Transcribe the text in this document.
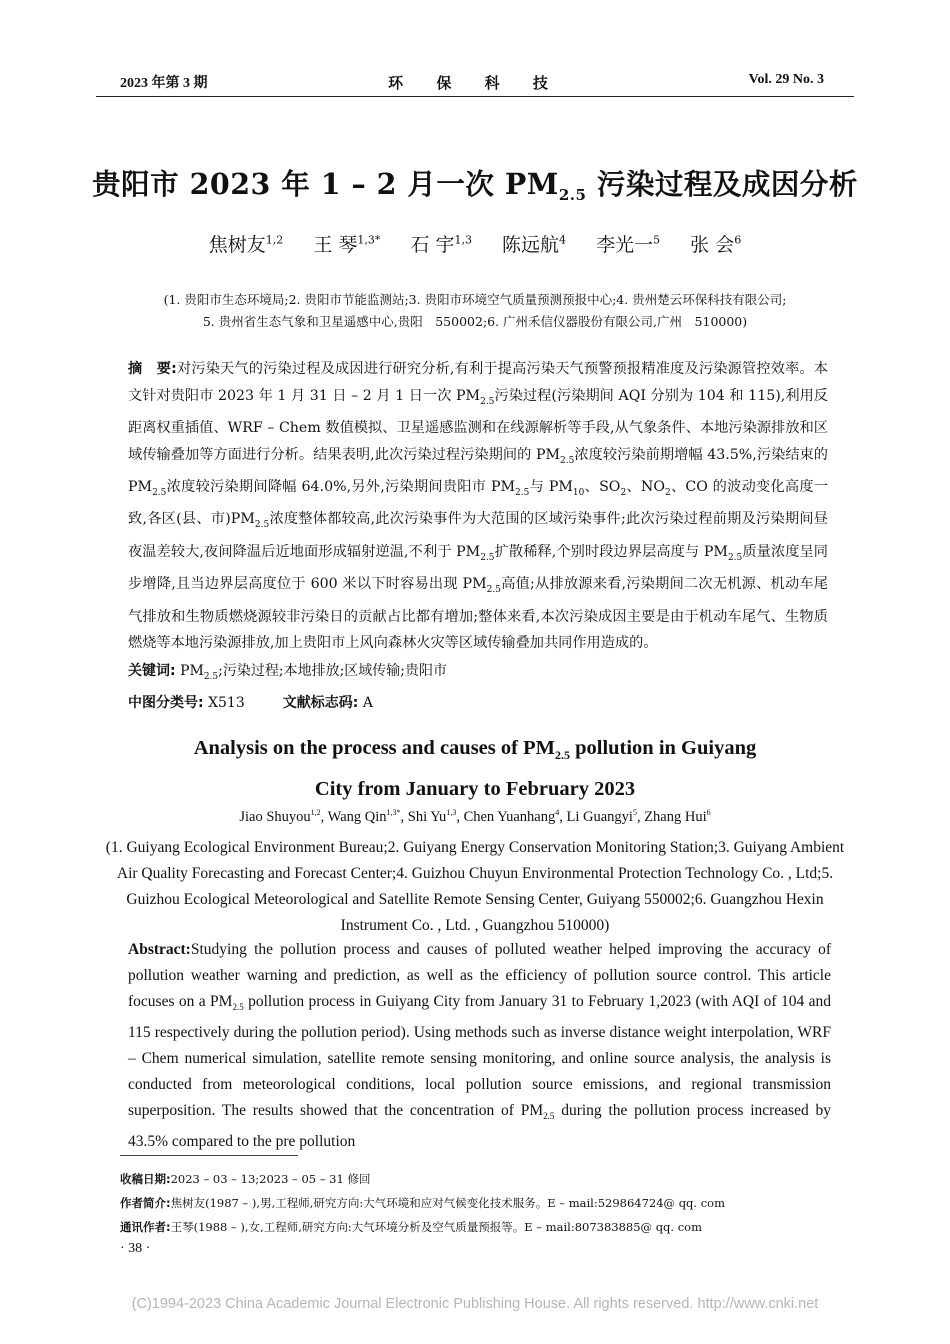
2023 年第 3 期	环 保 科 技	Vol. 29 No. 3
贵阳市 2023 年 1 – 2 月一次 $PM_{2.5}$ 污染过程及成因分析
焦树友$^{1,2}$ 王 琴$^{1,3*}$ 石 宇$^{1,3}$ 陈远航$^4$ 李光一$^5$ 张 会$^6$
(1. 贵阳市生态环境局;2. 贵阳市节能监测站;3. 贵阳市环境空气质量预测预报中心;4. 贵州楚云环保科技有限公司;
5. 贵州省生态气象和卫星遥感中心,贵阳　550002;6. 广州禾信仪器股份有限公司,广州　510000)
摘　要:对污染天气的污染过程及成因进行研究分析,有利于提高污染天气预警预报精准度及污染源管控效率。本文针对贵阳市 2023 年 1 月 31 日 – 2 月 1 日一次 $PM_{2.5}$污染过程(污染期间 AQI 分别为 104 和 115),利用反距离权重插值、WRF – Chem 数值模拟、卫星遥感监测和在线源解析等手段,从气象条件、本地污染源排放和区域传输叠加等方面进行分析。结果表明,此次污染过程污染期间的 $PM_{2.5}$浓度较污染前期增幅 43.5%,污染结束的 $PM_{2.5}$浓度较污染期间降幅 64.0%,另外,污染期间贵阳市 $PM_{2.5}$与 $PM_{10}$、$SO_2$、$NO_2$、CO 的波动变化高度一致,各区(县、市)$PM_{2.5}$浓度整体都较高,此次污染事件为大范围的区域污染事件;此次污染过程前期及污染期间昼夜温差较大,夜间降温后近地面形成辐射逆温,不利于 $PM_{2.5}$扩散稀释,个别时段边界层高度与 $PM_{2.5}$质量浓度呈同步增降,且当边界层高度位于 600 米以下时容易出现 $PM_{2.5}$高值;从排放源来看,污染期间二次无机源、机动车尾气排放和生物质燃烧源较非污染日的贡献占比都有增加;整体来看,本次污染成因主要是由于机动车尾气、生物质燃烧等本地污染源排放,加上贵阳市上风向森林火灾等区域传输叠加共同作用造成的。
关键词: $PM_{2.5}$;污染过程;本地排放;区域传输;贵阳市
中图分类号: X513	文献标志码: A
Analysis on the process and causes of $PM_{2.5}$ pollution in Guiyang
City from January to February 2023
Jiao Shuyou$^{1,2}$, Wang Qin$^{1,3*}$, Shi Yu$^{1,3}$, Chen Yuanhang$^4$, Li Guangyi$^5$, Zhang Hui$^6$
(1. Guiyang Ecological Environment Bureau;2. Guiyang Energy Conservation Monitoring Station;3. Guiyang Ambient Air Quality Forecasting and Forecast Center;4. Guizhou Chuyun Environmental Protection Technology Co. , Ltd;5. Guizhou Ecological Meteorological and Satellite Remote Sensing Center, Guiyang 550002;6. Guangzhou Hexin Instrument Co. , Ltd. , Guangzhou 510000)
Abstract:Studying the pollution process and causes of polluted weather helped improving the accuracy of pollution weather warning and prediction, as well as the efficiency of pollution source control. This article focuses on a $PM_{2.5}$ pollution process in Guiyang City from January 31 to February 1,2023 (with AQI of 104 and 115 respectively during the pollution period). Using methods such as inverse distance weight interpolation, WRF – Chem numerical simulation, satellite remote sensing monitoring, and online source analysis, the analysis is conducted from meteorological conditions, local pollution source emissions, and regional transmission superposition. The results showed that the concentration of $PM_{2.5}$ during the pollution process increased by 43.5% compared to the pre pollution
收稿日期:2023 – 03 – 13;2023 – 05 – 31 修回
作者简介:焦树友(1987 – ),男,工程师,研究方向:大气环境和应对气候变化技术服务。E – mail:529864724@ qq. com
通讯作者:王琴(1988 – ),女,工程师,研究方向:大气环境分析及空气质量预报等。E – mail:807383885@ qq. com
· 38 ·
(C)1994-2023 China Academic Journal Electronic Publishing House. All rights reserved. http://www.cnki.net
